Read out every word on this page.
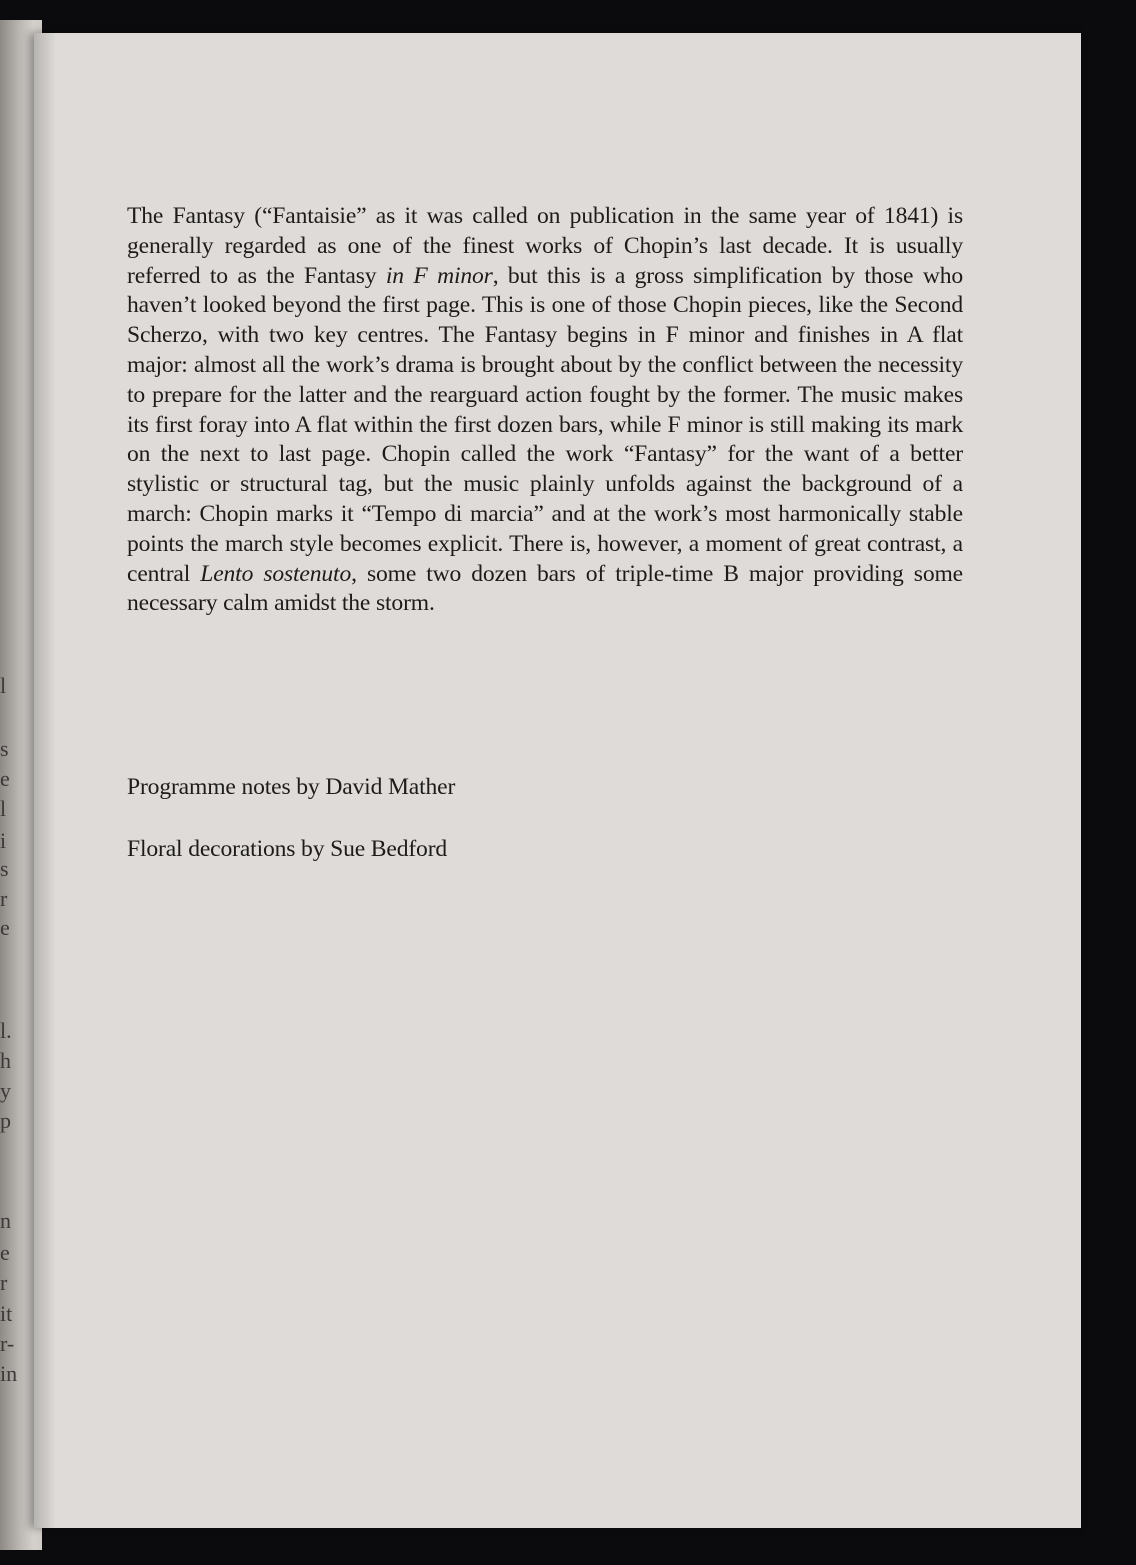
l
s
e
l
i
s
r
e
l.
h
y
p
n
e
r
it
r-
in

The Fantasy (“Fantaisie” as it was called on publication in the same year of 1841) is generally regarded as one of the finest works of Chopin’s last decade. It is usually referred to as the Fantasy in F minor, but this is a gross simplification by those who haven’t looked beyond the first page. This is one of those Chopin pieces, like the Second Scherzo, with two key centres. The Fantasy begins in F minor and finishes in A flat major: almost all the work’s drama is brought about by the conflict between the necessity to prepare for the latter and the rearguard action fought by the former. The music makes its first foray into A flat within the first dozen bars, while F minor is still making its mark on the next to last page. Chopin called the work “Fantasy” for the want of a better stylistic or structural tag, but the music plainly unfolds against the background of a march: Chopin marks it “Tempo di marcia” and at the work’s most harmonically stable points the march style becomes explicit. There is, however, a moment of great contrast, a central Lento sostenuto, some two dozen bars of triple-time B major providing some necessary calm amidst the storm.

Programme notes by David Mather

Floral decorations by Sue Bedford
